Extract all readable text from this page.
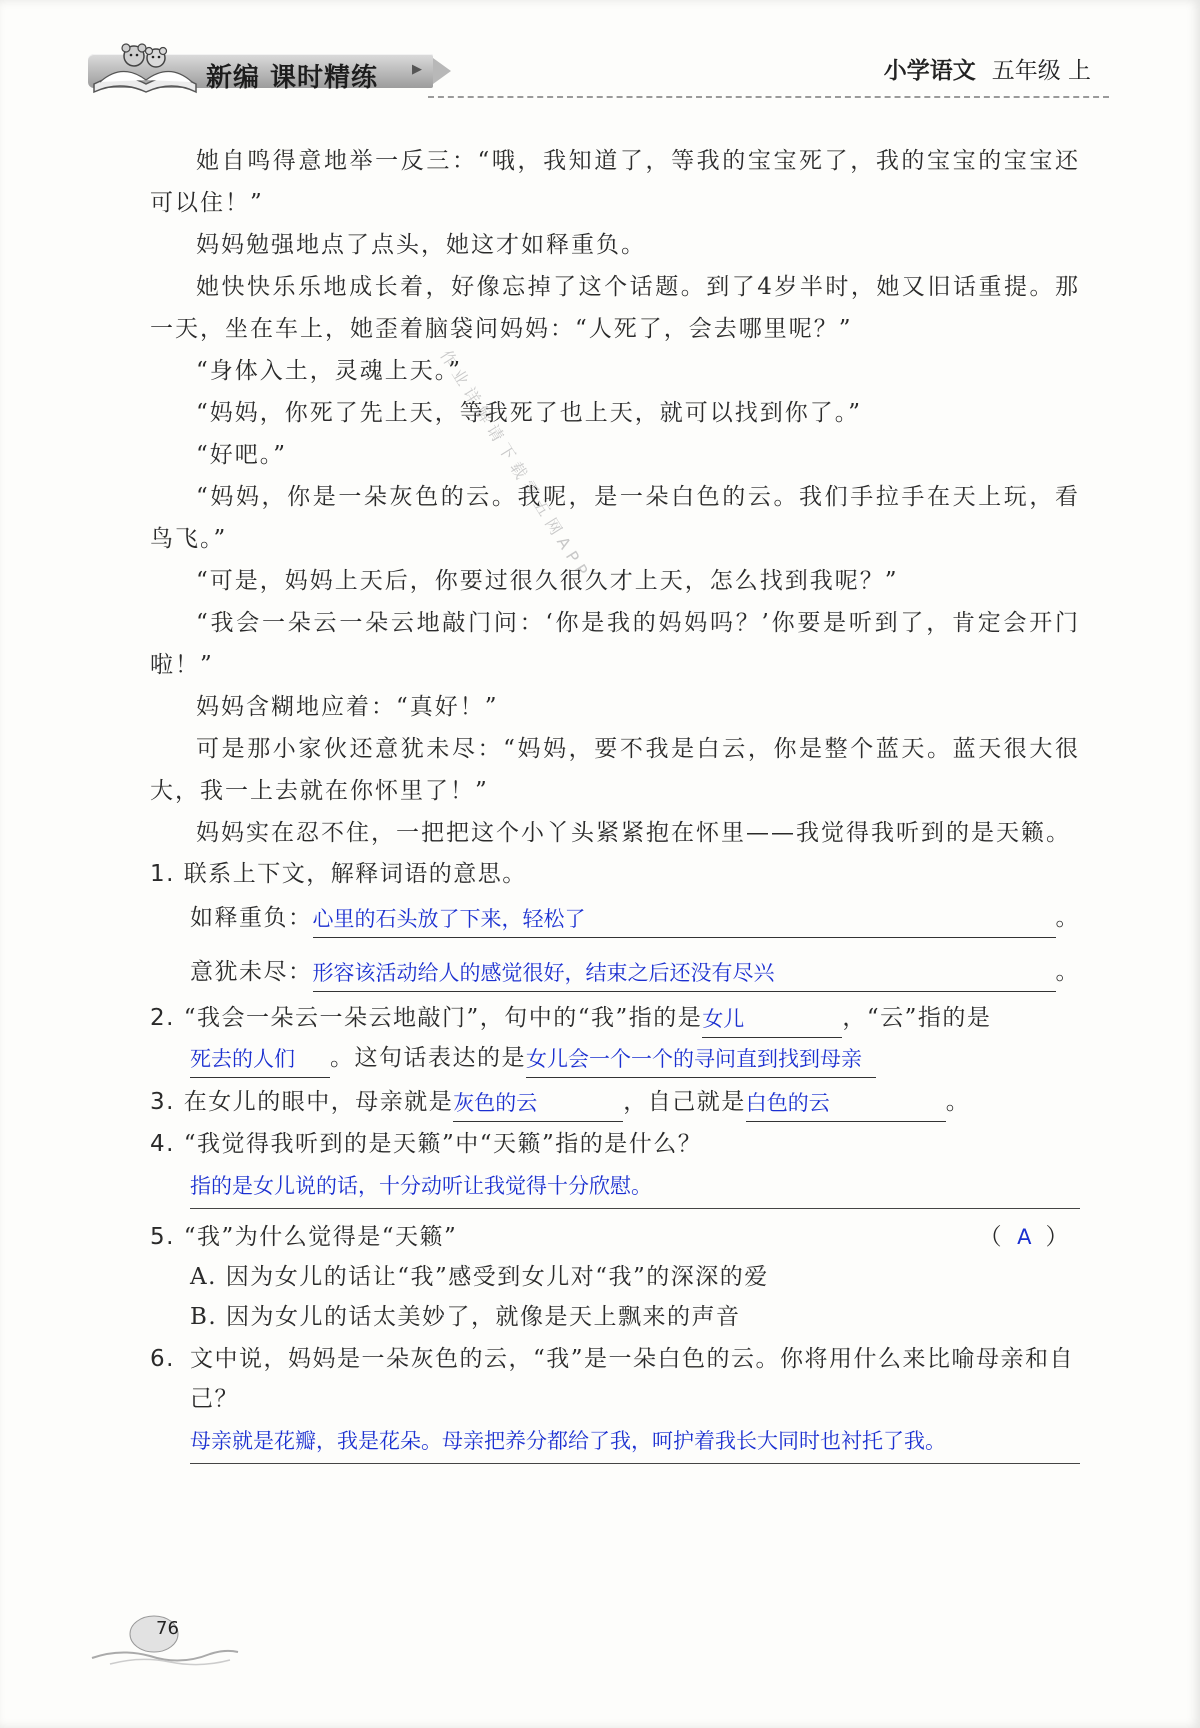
新编 课时精练	小学语文 五年级 上
▶
作业详解请下载零五网APP

她自鸣得意地举一反三：“哦，我知道了，等我的宝宝死了，我的宝宝的宝宝还可以住！”

妈妈勉强地点了点头，她这才如释重负。

她快快乐乐地成长着，好像忘掉了这个话题。到了4岁半时，她又旧话重提。那一天，坐在车上，她歪着脑袋问妈妈：“人死了，会去哪里呢？”

“身体入土，灵魂上天。”

“妈妈，你死了先上天，等我死了也上天，就可以找到你了。”

“好吧。”

“妈妈，你是一朵灰色的云。我呢，是一朵白色的云。我们手拉手在天上玩，看鸟飞。”

“可是，妈妈上天后，你要过很久很久才上天，怎么找到我呢？”

“我会一朵云一朵云地敲门问：‘你是我的妈妈吗？’你要是听到了，肯定会开门啦！”

妈妈含糊地应着：“真好！”

可是那小家伙还意犹未尽：“妈妈，要不我是白云，你是整个蓝天。蓝天很大很大，我一上去就在你怀里了！”

妈妈实在忍不住，一把把这个小丫头紧紧抱在怀里——我觉得我听到的是天籁。

1. 联系上下文，解释词语的意思。
如释重负： 心里的石头放了下来，轻松了	。
意犹未尽： 形容该活动给人的感觉很好，结束之后还没有尽兴	。
2. “我会一朵云一朵云地敲门”，句中的“我”指的是女儿	，“云”指的是
死去的人们 。这句话表达的是女儿会一个一个的寻问直到找到母亲
3. 在女儿的眼中，母亲就是灰色的云	，自己就是白色的云	。
4. “我觉得我听到的是天籁”中“天籁”指的是什么？
指的是女儿说的话，十分动听让我觉得十分欣慰。
5. “我”为什么觉得是“天籁”	（ A ）
A. 因为女儿的话让“我”感受到女儿对“我”的深深的爱
B. 因为女儿的话太美妙了，就像是天上飘来的声音
6. 文中说，妈妈是一朵灰色的云，“我”是一朵白色的云。你将用什么来比喻母亲和自己？
母亲就是花瓣，我是花朵。母亲把养分都给了我，呵护着我长大同时也衬托了我。
76
